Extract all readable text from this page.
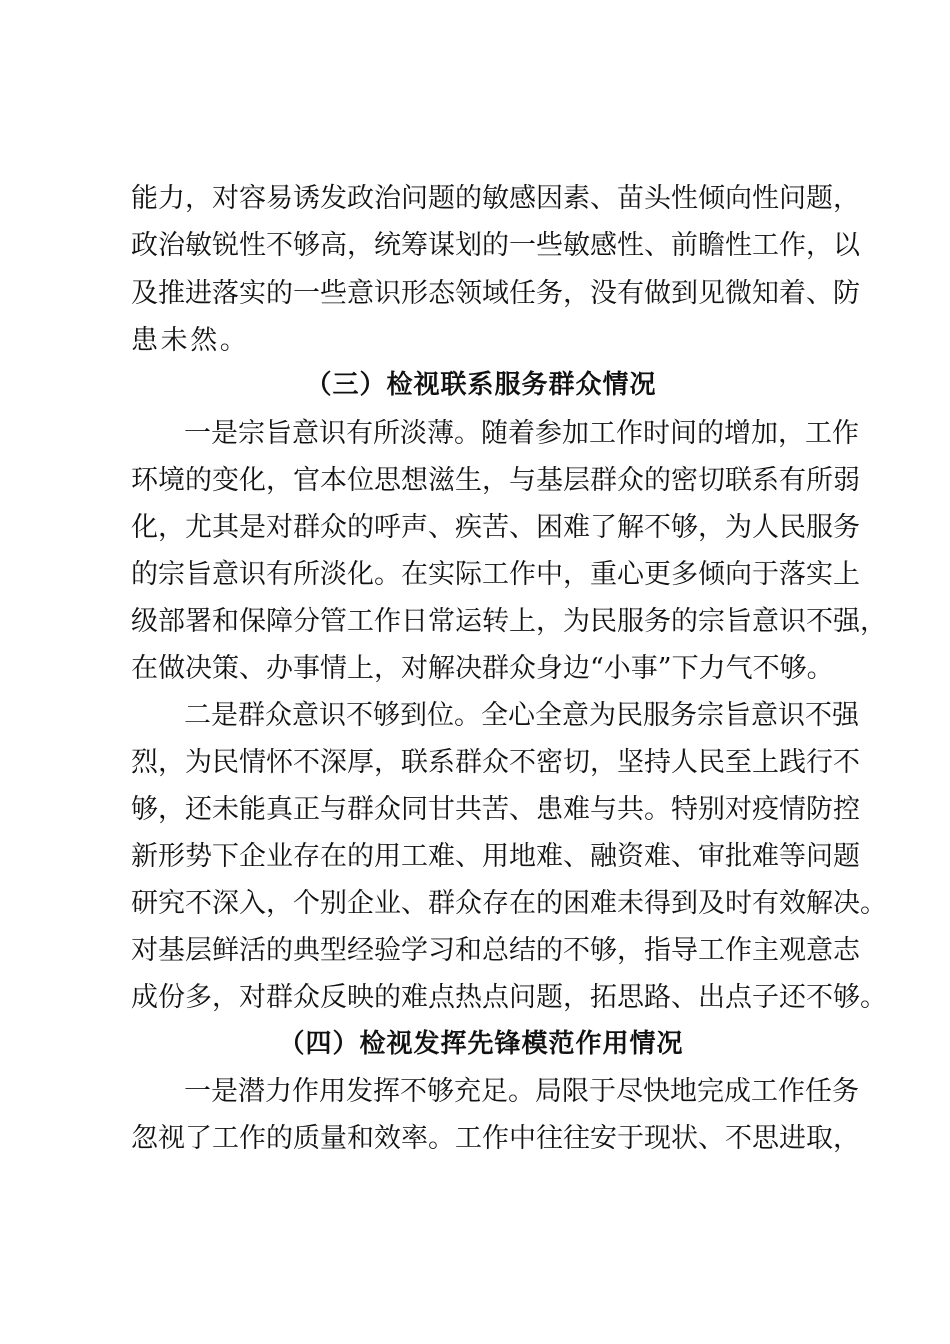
能力，对容易诱发政治问题的敏感因素、苗头性倾向性问题，
政治敏锐性不够高，统筹谋划的一些敏感性、前瞻性工作，以
及推进落实的一些意识形态领域任务，没有做到见微知着、防
患未然。
（三）检视联系服务群众情况
一是宗旨意识有所淡薄。随着参加工作时间的增加，工作
环境的变化，官本位思想滋生，与基层群众的密切联系有所弱
化，尤其是对群众的呼声、疾苦、困难了解不够，为人民服务
的宗旨意识有所淡化。在实际工作中，重心更多倾向于落实上
级部署和保障分管工作日常运转上，为民服务的宗旨意识不强，
在做决策、办事情上，对解决群众身边“小事”下力气不够。
二是群众意识不够到位。全心全意为民服务宗旨意识不强
烈，为民情怀不深厚，联系群众不密切，坚持人民至上践行不
够，还未能真正与群众同甘共苦、患难与共。特别对疫情防控
新形势下企业存在的用工难、用地难、融资难、审批难等问题
研究不深入，个别企业、群众存在的困难未得到及时有效解决。
对基层鲜活的典型经验学习和总结的不够，指导工作主观意志
成份多，对群众反映的难点热点问题，拓思路、出点子还不够。
（四）检视发挥先锋模范作用情况
一是潜力作用发挥不够充足。局限于尽快地完成工作任务
忽视了工作的质量和效率。工作中往往安于现状、不思进取，
